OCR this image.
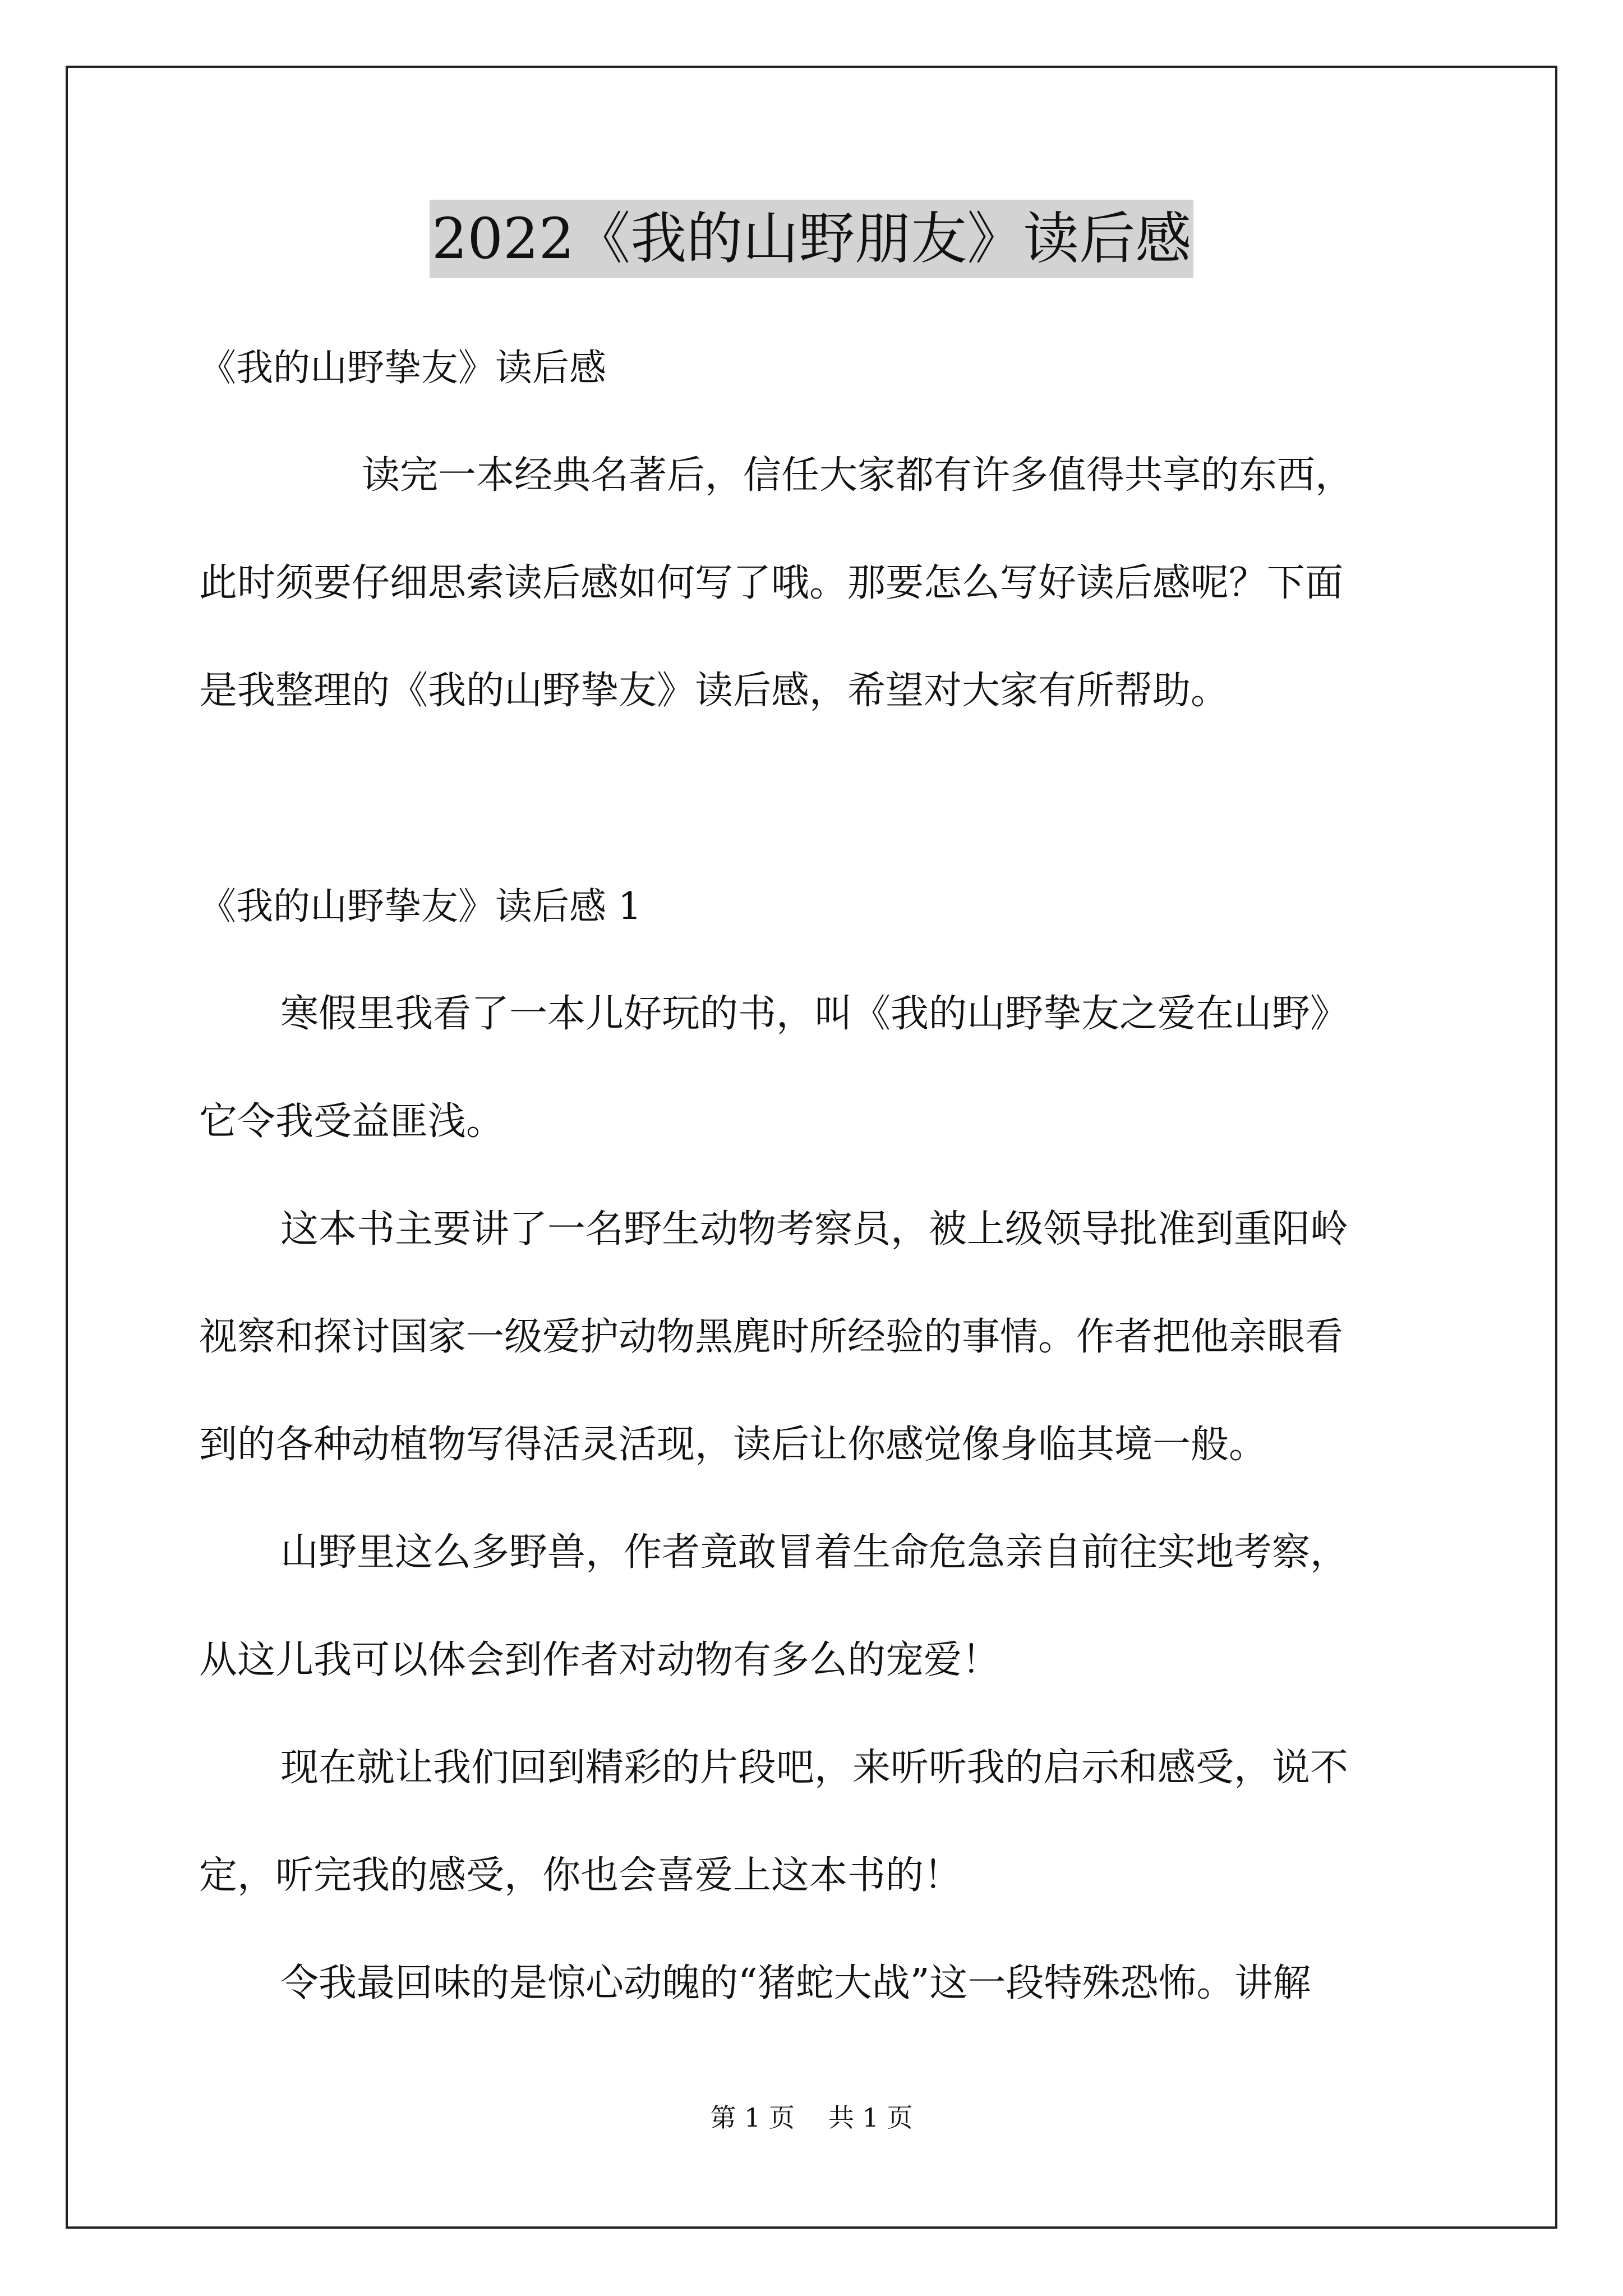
2022《我的山野朋友》读后感

《我的山野挚友》读后感

读完一本经典名著后，信任大家都有许多值得共享的东西，

此时须要仔细思索读后感如何写了哦。那要怎么写好读后感呢？下面

是我整理的《我的山野挚友》读后感，希望对大家有所帮助。

《我的山野挚友》读后感 1

寒假里我看了一本儿好玩的书，叫《我的山野挚友之爱在山野》

它令我受益匪浅。

这本书主要讲了一名野生动物考察员，被上级领导批准到重阳岭

视察和探讨国家一级爱护动物黑麂时所经验的事情。作者把他亲眼看

到的各种动植物写得活灵活现，读后让你感觉像身临其境一般。

山野里这么多野兽，作者竟敢冒着生命危急亲自前往实地考察，

从这儿我可以体会到作者对动物有多么的宠爱！

现在就让我们回到精彩的片段吧，来听听我的启示和感受，说不

定，听完我的感受，你也会喜爱上这本书的！

令我最回味的是惊心动魄的“猪蛇大战”这一段特殊恐怖。讲解

第 1 页 共 1 页
